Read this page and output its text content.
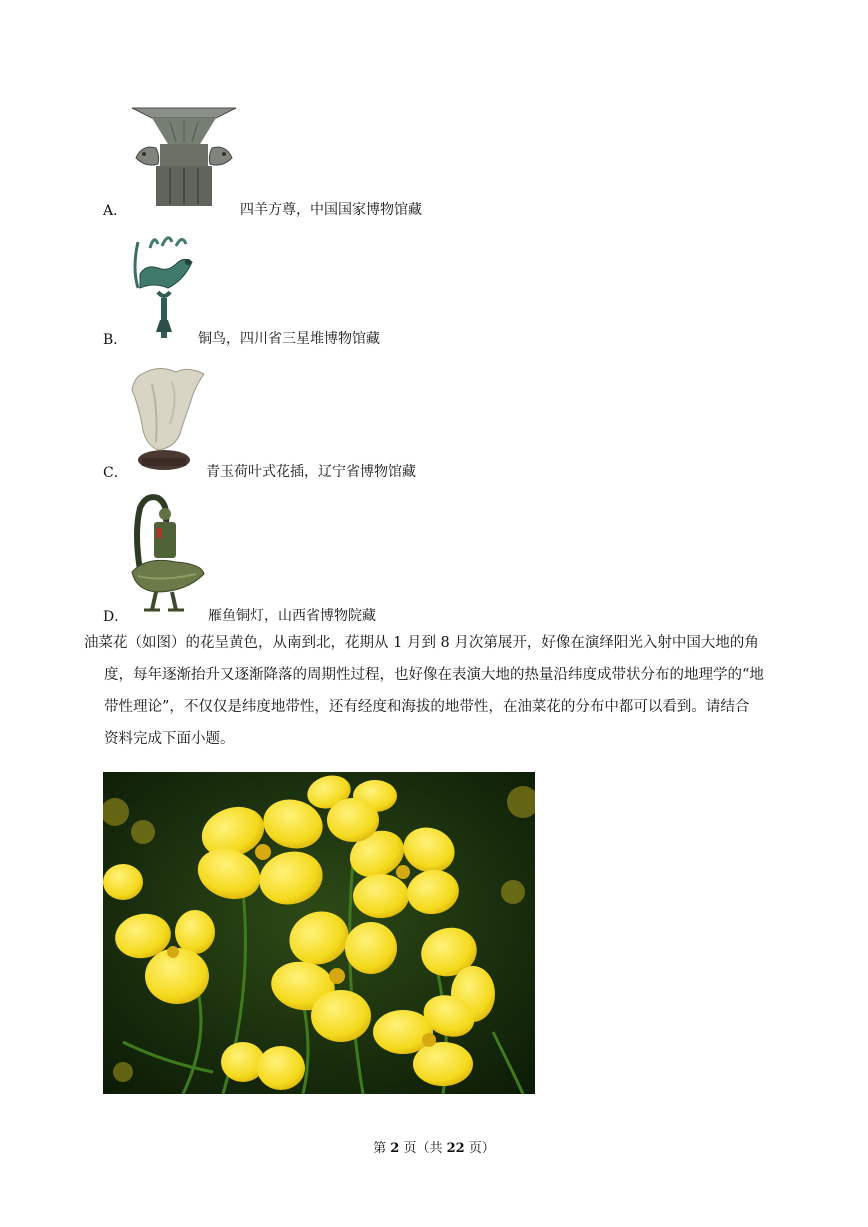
A．	四羊方尊，中国国家博物馆藏
B．	铜鸟，四川省三星堆博物馆藏
C．	青玉荷叶式花插，辽宁省博物馆藏
D．	雁鱼铜灯，山西省博物院藏
油菜花（如图）的花呈黄色，从南到北，花期从 1 月到 8 月次第展开，好像在演绎阳光入射中国大地的角
度，每年逐渐抬升又逐渐降落的周期性过程，也好像在表演大地的热量沿纬度成带状分布的地理学的“地
带性理论”，不仅仅是纬度地带性，还有经度和海拔的地带性，在油菜花的分布中都可以看到。请结合
资料完成下面小题。
第 2 页（共 22 页）
